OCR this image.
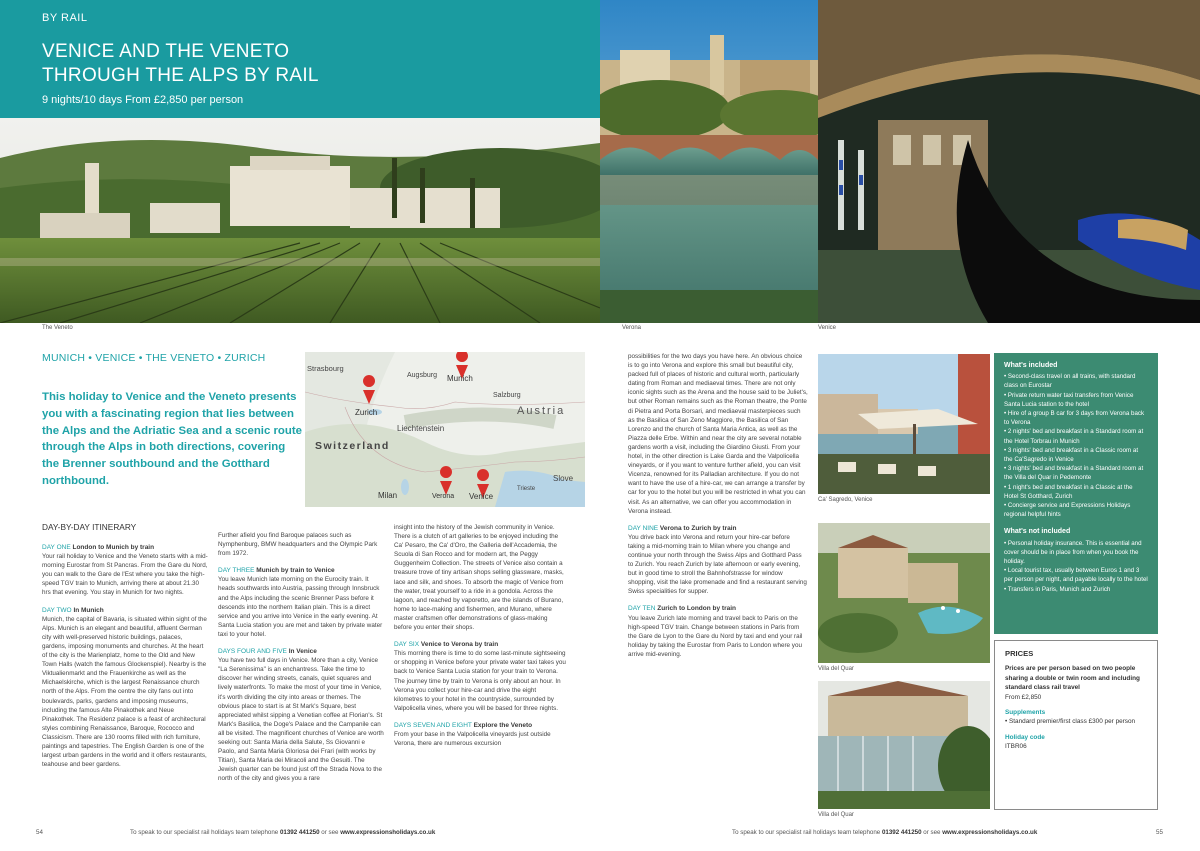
BY RAIL
VENICE AND THE VENETO
THROUGH THE ALPS BY RAIL
9 nights/10 days From £2,850 per person
The Veneto	Verona	Venice
MUNICH • VENICE • THE VENETO • ZURICH
Strasbourg
Augsburg Munich
Salzburg
Zurich	Austria
Liechtenstein
Switzerland
Milan	Verona Venice
Trieste
Slove
This holiday to Venice and the Veneto presents you with a fascinating region that lies between the Alps and the Adriatic Sea and a scenic route through the Alps in both directions, covering the Brenner southbound and the Gotthard northbound.
DAY-BY-DAY ITINERARY
DAY ONE London to Munich by train

Your rail holiday to Venice and the Veneto starts with a mid-morning Eurostar from St Pancras. From the Gare du Nord, you can walk to the Gare de l'Est where you take the high-speed TGV train to Munich, arriving there at about 21.30 hrs that evening. You stay in Munich for two nights.

DAY TWO In Munich

Munich, the capital of Bavaria, is situated within sight of the Alps. Munich is an elegant and beautiful, affluent German city with well-preserved historic buildings, palaces, gardens, imposing monuments and churches. At the heart of the city is the Marienplatz, home to the Old and New Town Halls (watch the famous Glockenspiel). Nearby is the Viktualienmarkt and the Frauenkirche as well as the Michaelskirche, which is the largest Renaissance church north of the Alps. From the centre the city fans out into boulevards, parks, gardens and imposing museums, including the famous Alte Pinakothek and Neue Pinakothek. The Residenz palace is a feast of architectural styles combining Renaissance, Baroque, Rococco and Classicism. There are 130 rooms filled with rich furniture, paintings and tapestries. The English Garden is one of the largest urban gardens in the world and it offers restaurants, teahouse and beer gardens.

Further afield you find Baroque palaces such as Nymphenburg, BMW headquarters and the Olympic Park from 1972.

DAY THREE Munich by train to Venice

You leave Munich late morning on the Eurocity train. It heads southwards into Austria, passing through Innsbruck and the Alps including the scenic Brenner Pass before it descends into the northern Italian plain. This is a direct service and you arrive into Venice in the early evening. At Santa Lucia station you are met and taken by private water taxi to your hotel.

DAYS FOUR AND FIVE In Venice

You have two full days in Venice. More than a city, Venice "La Serenissima" is an enchantress. Take the time to discover her winding streets, canals, quiet squares and lively waterfronts. To make the most of your time in Venice, it's worth dividing the city into areas or themes. The obvious place to start is at St Mark's Square, best appreciated whilst sipping a Venetian coffee at Florian's. St Mark's Basilica, the Doge's Palace and the Campanile can all be visited. The magnificent churches of Venice are worth seeking out: Santa Maria della Salute, Ss Giovanni e Paolo, and Santa Maria Gloriosa dei Frari (with works by Titian), Santa Maria dei Miracoli and the Gesuiti. The Jewish quarter can be found just off the Strada Nova to the north of the city and gives you a rare

insight into the history of the Jewish community in Venice. There is a clutch of art galleries to be enjoyed including the Ca' Pesaro, the Ca' d'Oro, the Galleria dell'Accademia, the Scuola di San Rocco and for modern art, the Peggy Guggenheim Collection. The streets of Venice also contain a treasure trove of tiny artisan shops selling glassware, masks, lace and silk, and shoes. To absorb the magic of Venice from the water, treat yourself to a ride in a gondola. Across the lagoon, and reached by vaporetto, are the islands of Burano, home to lace-making and fishermen, and Murano, where master craftsmen offer demonstrations of glass-making before you enter their shops.

DAY SIX Venice to Verona by train

This morning there is time to do some last-minute sightseeing or shopping in Venice before your private water taxi takes you back to Venice Santa Lucia station for your train to Verona. The journey time by train to Verona is only about an hour. In Verona you collect your hire-car and drive the eight kilometres to your hotel in the countryside, surrounded by Valpolicella vines, where you will be based for three nights.

DAYS SEVEN AND EIGHT Explore the Veneto

From your base in the Valpolicella vineyards just outside Verona, there are numerous excursion

possibilities for the two days you have here. An obvious choice is to go into Verona and explore this small but beautiful city, packed full of places of historic and cultural worth, particularly dating from Roman and mediaeval times. There are not only iconic sights such as the Arena and the house said to be Juliet's, but other Roman remains such as the Roman theatre, the Ponte di Pietra and Porta Borsari, and mediaeval masterpieces such as the Basilica of San Zeno Maggiore, the Basilica of San Lorenzo and the church of Santa Maria Antica, as well as the Piazza delle Erbe. Within and near the city are several notable gardens worth a visit, including the Giardino Giusti. From your hotel, in the other direction is Lake Garda and the Valpolicella vineyards, or if you want to venture further afield, you can visit Vicenza, renowned for its Palladian architecture. If you do not want to have the use of a hire-car, we can arrange a transfer by car for you to the hotel but you will be restricted in what you can visit. As an alternative, we can offer you accommodation in Verona instead.

DAY NINE Verona to Zurich by train

You drive back into Verona and return your hire-car before taking a mid-morning train to Milan where you change and continue your north through the Swiss Alps and Gotthard Pass to Zurich. You reach Zurich by late afternoon or early evening, but in good time to stroll the Bahnhofstrasse for window shopping, visit the lake promenade and find a restaurant serving Swiss specialities for supper.

DAY TEN Zurich to London by train

You leave Zurich late morning and travel back to Paris on the high-speed TGV train. Change between stations in Paris from the Gare de Lyon to the Gare du Nord by taxi and end your rail holiday by taking the Eurostar from Paris to London where you arrive mid-evening.

Ca' Sagredo, Venice
Villa del Quar
Villa del Quar
What's included
• Second-class travel on all trains, with standard class on Eurostar
• Private return water taxi transfers from Venice Santa Lucia station to the hotel
• Hire of a group B car for 3 days from Verona back to Verona
• 2 nights' bed and breakfast in a Standard room at the Hotel Torbrau in Munich
• 3 nights' bed and breakfast in a Classic room at the Ca'Sagredo in Venice
• 3 nights' bed and breakfast in a Standard room at the Villa del Quar in Pedemonte
• 1 night's bed and breakfast in a Classic at the Hotel St Gotthard, Zurich
• Concierge service and Expressions Holidays regional helpful hints
What's not included
• Personal holiday insurance. This is essential and cover should be in place from when you book the holiday.
• Local tourist tax, usually between Euros 1 and 3 per person per night, and payable locally to the hotel
• Transfers in Paris, Munich and Zurich
PRICES
Prices are per person based on two people sharing a double or twin room and including standard class rail travel
From £2,850
Supplements
• Standard premier/first class £300 per person
Holiday code
ITBR06
54	To speak to our specialist rail holidays team telephone 01392 441250 or see www.expressionsholidays.co.uk	To speak to our specialist rail holidays team telephone 01392 441250 or see www.expressionsholidays.co.uk	55
